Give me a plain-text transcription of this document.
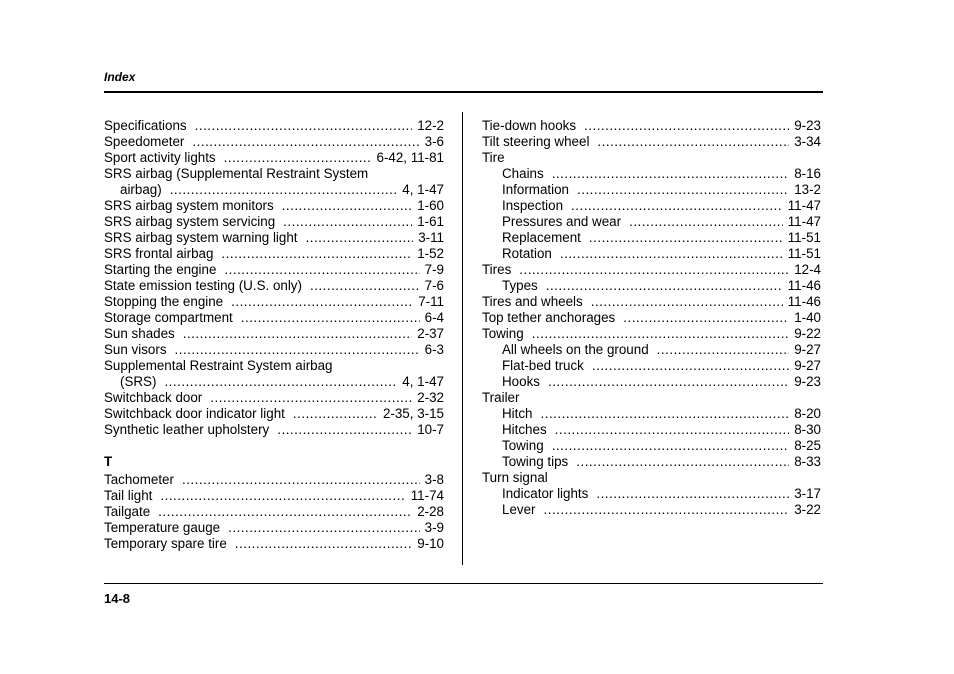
Index
Specifications .....	12-2
Speedometer .....	3-6
Sport activity lights .....	6-42, 11-81
SRS airbag (Supplemental Restraint System
airbag) .....	4, 1-47
SRS airbag system monitors .....	1-60
SRS airbag system servicing .....	1-61
SRS airbag system warning light .....	3-11
SRS frontal airbag .....	1-52
Starting the engine .....	7-9
State emission testing (U.S. only) .....	7-6
Stopping the engine .....	7-11
Storage compartment .....	6-4
Sun shades .....	2-37
Sun visors .....	6-3
Supplemental Restraint System airbag
(SRS) .....	4, 1-47
Switchback door .....	2-32
Switchback door indicator light .....	2-35, 3-15
Synthetic leather upholstery .....	10-7
T
Tachometer .....	3-8
Tail light .....	11-74
Tailgate .....	2-28
Temperature gauge .....	3-9
Temporary spare tire .....	9-10
Tie-down hooks .....	9-23
Tilt steering wheel .....	3-34
Tire
Chains .....	8-16
Information .....	13-2
Inspection .....	11-47
Pressures and wear .....	11-47
Replacement .....	11-51
Rotation .....	11-51
Tires .....	12-4
Types .....	11-46
Tires and wheels .....	11-46
Top tether anchorages .....	1-40
Towing .....	9-22
All wheels on the ground .....	9-27
Flat-bed truck .....	9-27
Hooks .....	9-23
Trailer
Hitch .....	8-20
Hitches .....	8-30
Towing .....	8-25
Towing tips .....	8-33
Turn signal
Indicator lights .....	3-17
Lever .....	3-22
14-8
